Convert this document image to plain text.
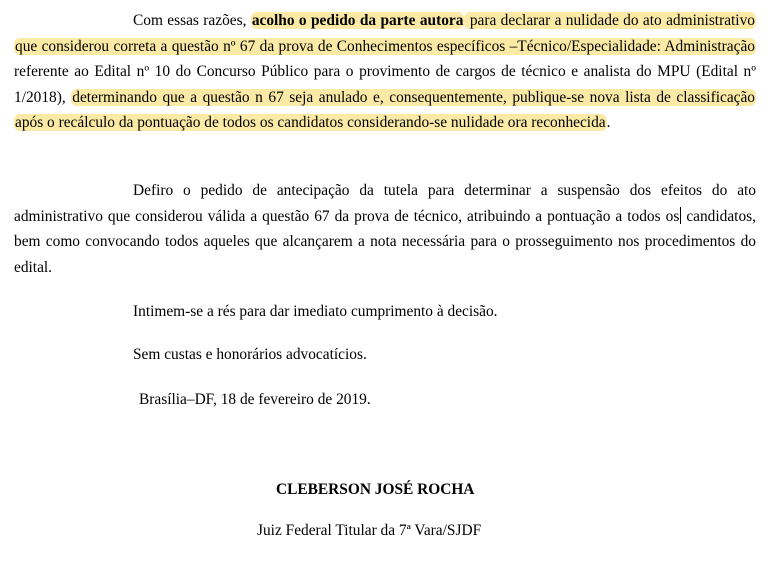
Com essas razões, acolho o pedido da parte autora para declarar a nulidade do ato administrativo que considerou correta a questão nº 67 da prova de Conhecimentos específicos –Técnico/Especialidade: Administração referente ao Edital nº 10 do Concurso Público para o provimento de cargos de técnico e analista do MPU (Edital nº 1/2018), determinando que a questão n 67 seja anulado e, consequentemente, publique-se nova lista de classificação após o recálculo da pontuação de todos os candidatos considerando-se nulidade ora reconhecida.

Defiro o pedido de antecipação da tutela para determinar a suspensão dos efeitos do ato administrativo que considerou válida a questão 67 da prova de técnico, atribuindo a pontuação a todos os candidatos, bem como convocando todos aqueles que alcançarem a nota necessária para o prosseguimento nos procedimentos do edital.

Intimem-se a rés para dar imediato cumprimento à decisão.
Sem custas e honorários advocatícios.
Brasília–DF, 18 de fevereiro de 2019.
CLEBERSON JOSÉ ROCHA
Juiz Federal Titular da 7ª Vara/SJDF
